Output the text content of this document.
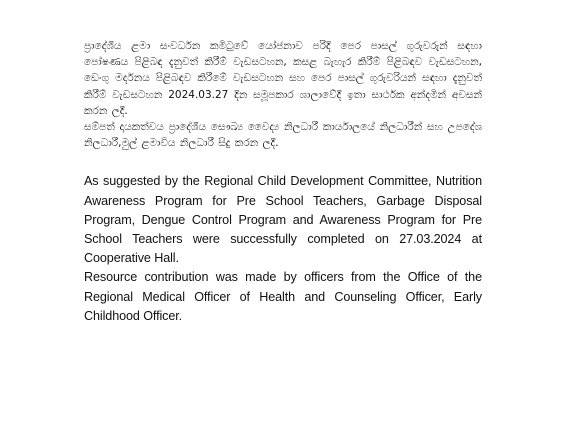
ප්‍රාදේශීය ළමා සංවර්ධන කමිටුවේ යෝජනාව පරිදි පෙර පාසල් ගුරුවරුන් සඳහා පෝෂණය පිළිබඳ දැනුවත් කිරීම් වැඩසටහන, කසළ බැහැර කිරීම් පිළිබඳව වැඩසටහන, ඩෙංගු මර්දනය පිළිබඳව කිරීමේ වැඩසටහන සහ පෙර පාසල් ගුරුවරියන් සඳහා දැනුවත් කිරීම් වැඩසටහන 2024.03.27 දින සමූපකාර ශාලාවේදී ඉතා සාර්ථක අන්දමින් අවසන් කරන ලදී.

සම්පත් දායකත්වය ප්‍රාදේශීය සෞඛ්‍ය වෛද්‍ය නිලධාරී කාර්යාලයේ නිලධාරීන් සහ උපදේශ නිලධාරී,මුල් ළමාවිය නිලධාරී සිදු කරන ලදී.

As suggested by the Regional Child Development Committee, Nutrition Awareness Program for Pre School Teachers, Garbage Disposal Program, Dengue Control Program and Awareness Program for Pre School Teachers were successfully completed on 27.03.2024 at Cooperative Hall.

Resource contribution was made by officers from the Office of the Regional Medical Officer of Health and Counseling Officer, Early Childhood Officer.
